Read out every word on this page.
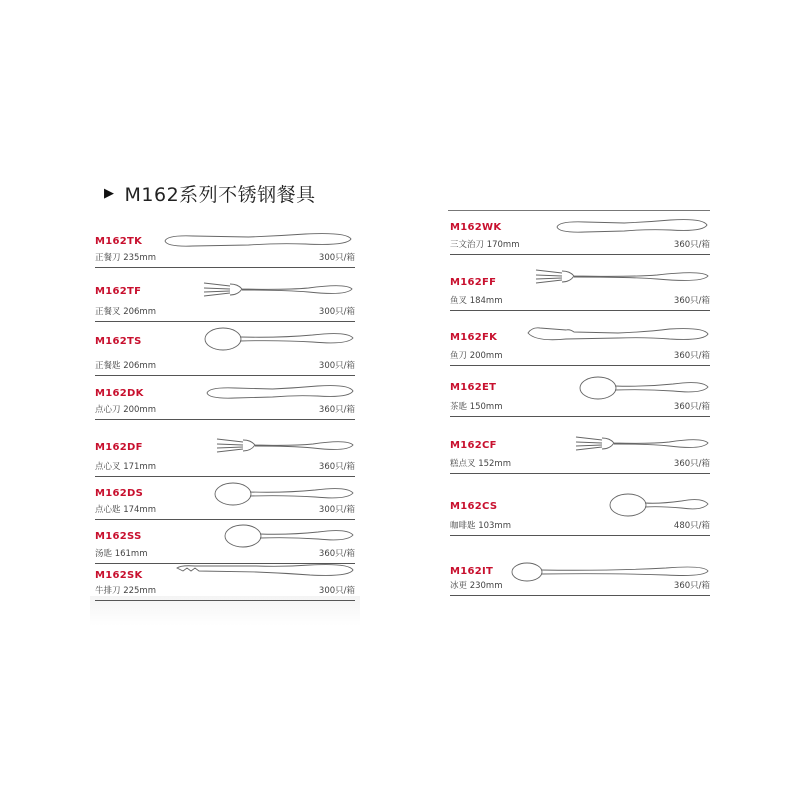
▶ M162系列不锈钢餐具
M162TK
正餐刀 235mm	300只/箱
M162TF
正餐叉 206mm	300只/箱
M162TS
正餐匙 206mm	300只/箱
M162DK
点心刀 200mm	360只/箱
M162DF
点心叉 171mm	360只/箱
M162DS
点心匙 174mm	300只/箱
M162SS
汤匙 161mm	360只/箱
M162SK
牛排刀 225mm	300只/箱
M162WK
三文治刀 170mm	360只/箱
M162FF
鱼叉 184mm	360只/箱
M162FK
鱼刀 200mm	360只/箱
M162ET
茶匙 150mm	360只/箱
M162CF
糕点叉 152mm	360只/箱
M162CS
咖啡匙 103mm	480只/箱
M162IT
冰更 230mm	360只/箱
